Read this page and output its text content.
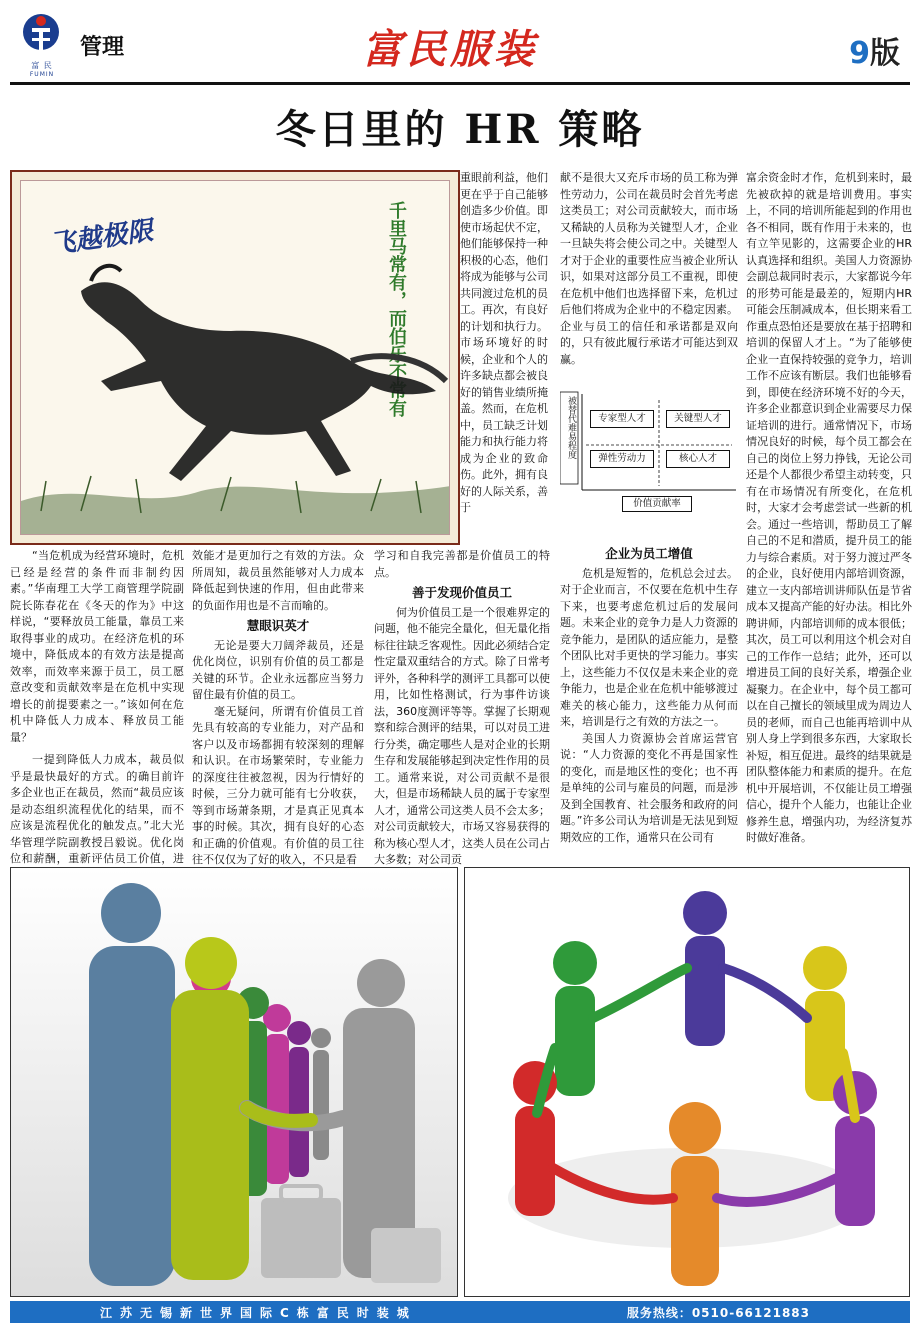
富 民
FUMIN
管理	富民服装	9版
冬日里的 HR 策略
飞越极限	千里马常有，而伯乐不常有

“当危机成为经营环境时，危机已经是经营的条件而非制约因素。”华南理工大学工商管理学院副院长陈春花在《冬天的作为》中这样说，“要释放员工能量，靠员工来取得事业的成功。在经济危机的环境中，降低成本的有效方法是提高效率，而效率来源于员工，员工愿意改变和贡献效率是在危机中实现增长的前提要素之一。”该如何在危机中降低人力成本、释放员工能量？

一提到降低人力成本，裁员似乎是最快最好的方式。的确目前许多企业也正在裁员，然而“裁员应该是动态组织流程优化的结果，而不应该是流程优化的触发点。”北大光华管理学院副教授吕毅说。优化岗位和薪酬，重新评估员工价值，进

效能才是更加行之有效的方法。众所周知，裁员虽然能够对人力成本降低起到快速的作用，但由此带来的负面作用也是不言而喻的。

慧眼识英才

无论是要大刀阔斧裁员，还是优化岗位，识别有价值的员工都是关键的环节。企业永远都应当努力留住最有价值的员工。

毫无疑问，所谓有价值员工首先具有较高的专业能力，对产品和客户以及市场都拥有较深刻的理解和认识。在市场繁荣时，专业能力的深度往往被忽视，因为行情好的时候，三分力就可能有七分收获，等到市场萧条期，才是真正见真本事的时候。其次，拥有良好的心态和正确的价值观。有价值的员工往往不仅仅为了好的收入，不只是看

重眼前利益，他们更在乎于自己能够创造多少价值。即使市场起伏不定，他们能够保持一种积极的心态，他们将成为能够与公司共同渡过危机的员工。再次，有良好的计划和执行力。市场环境好的时候，企业和个人的许多缺点都会被良好的销售业绩所掩盖。然而，在危机中，员工缺乏计划能力和执行能力将成为企业的致命伤。此外，拥有良好的人际关系，善于

学习和自我完善都是价值员工的特点。

善于发现价值员工

何为价值员工是一个很难界定的问题，他不能完全量化，但无量化指标往往缺乏客观性。因此必须结合定性定量双重结合的方式。除了日常考评外，各种科学的测评工具都可以使用，比如性格测试，行为事件访谈法，360度测评等等。掌握了长期观察和综合测评的结果，可以对员工进行分类，确定哪些人是对企业的长期生存和发展能够起到决定性作用的员工。通常来说，对公司贡献不是很大，但是市场稀缺人员的属于专家型人才，通常公司这类人员不会太多；对公司贡献较大，市场又容易获得的称为核心型人才，这类人员在公司占大多数；对公司贡

献不是很大又充斥市场的员工称为弹性劳动力，公司在裁员时会首先考虑这类员工；对公司贡献较大，而市场又稀缺的人员称为关键型人才，企业一旦缺失将会使公司之中。关键型人才对于企业的重要性应当被企业所认识，如果对这部分员工不重视，即使在危机中他们也选择留下来，危机过后他们将成为企业中的不稳定因素。企业与员工的信任和承诺都是双向的，只有彼此履行承诺才可能达到双赢。

被替代难易程度	专家型人才	关键型人才
弹性劳动力	核心人才
价值贡献率
企业为员工增值

危机是短暂的，危机总会过去。对于企业而言，不仅要在危机中生存下来，也要考虑危机过后的发展问题。未来企业的竞争力是人力资源的竞争能力，是团队的适应能力，是整个团队比对手更快的学习能力。事实上，这些能力不仅仅是未来企业的竞争能力，也是企业在危机中能够渡过难关的核心能力，这些能力从何而来，培训是行之有效的方法之一。

美国人力资源协会首席运营官说：“人力资源的变化不再是国家性的变化，而是地区性的变化；也不再是单纯的公司与雇员的问题，而是涉及到全国教育、社会服务和政府的问题。”许多公司认为培训是无法见到短期效应的工作，通常只在公司有

富余资金时才作，危机到来时，最先被砍掉的就是培训费用。事实上，不同的培训所能起到的作用也各不相同，既有作用于未来的，也有立竿见影的，这需要企业的HR认真选择和组织。美国人力资源协会副总裁同时表示，大家都说今年的形势可能是最差的，短期内HR可能会压制减成本，但长期来看工作重点恐怕还是要放在基于招聘和培训的保留人才上。“为了能够使企业一直保持较强的竞争力，培训工作不应该有断层。我们也能够看到，即使在经济环境不好的今天，许多企业都意识到企业需要尽力保证培训的进行。通常情况下，市场情况良好的时候，每个员工都会在自己的岗位上努力挣钱，无论公司还是个人都很少希望主动转变，只有在市场情况有所变化，在危机时，大家才会考虑尝试一些新的机会。通过一些培训，帮助员工了解自己的不足和潜质，提升员工的能力与综合素质。对于努力渡过严冬的企业，良好使用内部培训资源，建立一支内部培训讲师队伍是节省成本又提高产能的好办法。相比外聘讲师，内部培训师的成本很低；其次，员工可以利用这个机会对自己的工作作一总结；此外，还可以增进员工间的良好关系，增强企业凝聚力。在企业中，每个员工都可以在自己擅长的领域里成为周边人员的老师，而自己也能再培训中从别人身上学到很多东西，大家取长补短，相互促进。最终的结果就是团队整体能力和素质的提升。在危机中开展培训，不仅能让员工增强信心，提升个人能力，也能让企业修养生息，增强内功，为经济复苏时做好准备。

江苏无锡新世界国际C栋富民时装城	服务热线：0510-66121883
